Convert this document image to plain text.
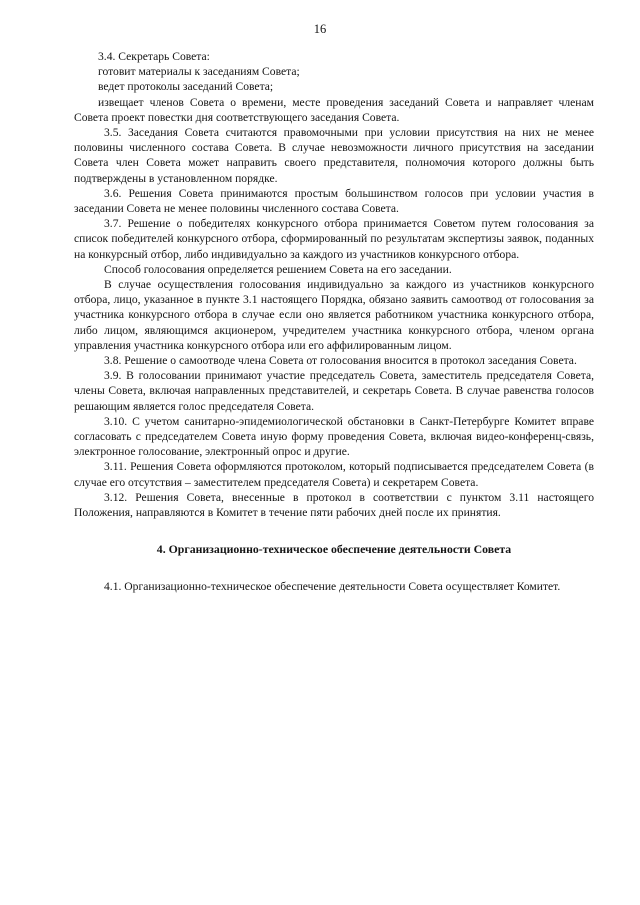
16

3.4. Секретарь Совета:

готовит материалы к заседаниям Совета;

ведет протоколы заседаний Совета;

извещает членов Совета о времени, месте проведения заседаний Совета и направляет членам Совета проект повестки дня соответствующего заседания Совета.

3.5. Заседания Совета считаются правомочными при условии присутствия на них не менее половины численного состава Совета. В случае невозможности личного присутствия на заседании Совета член Совета может направить своего представителя, полномочия которого должны быть подтверждены в установленном порядке.

3.6. Решения Совета принимаются простым большинством голосов при условии участия в заседании Совета не менее половины численного состава Совета.

3.7. Решение о победителях конкурсного отбора принимается Советом путем голосования за список победителей конкурсного отбора, сформированный по результатам экспертизы заявок, поданных на конкурсный отбор, либо индивидуально за каждого из участников конкурсного отбора.

Способ голосования определяется решением Совета на его заседании.

В случае осуществления голосования индивидуально за каждого из участников конкурсного отбора, лицо, указанное в пункте 3.1 настоящего Порядка, обязано заявить самоотвод от голосования за участника конкурсного отбора в случае если оно является работником участника конкурсного отбора, либо лицом, являющимся акционером, учредителем участника конкурсного отбора, членом органа управления участника конкурсного отбора или его аффилированным лицом.

3.8. Решение о самоотводе члена Совета от голосования вносится в протокол заседания Совета.

3.9. В голосовании принимают участие председатель Совета, заместитель председателя Совета, члены Совета, включая направленных представителей, и секретарь Совета. В случае равенства голосов решающим является голос председателя Совета.

3.10. С учетом санитарно-эпидемиологической обстановки в Санкт-Петербурге Комитет вправе согласовать с председателем Совета иную форму проведения Совета, включая видео-конференц-связь, электронное голосование, электронный опрос и другие.

3.11. Решения Совета оформляются протоколом, который подписывается председателем Совета (в случае его отсутствия – заместителем председателя Совета) и секретарем Совета.

3.12. Решения Совета, внесенные в протокол в соответствии с пунктом 3.11 настоящего Положения, направляются в Комитет в течение пяти рабочих дней после их принятия.

4. Организационно-техническое обеспечение деятельности Совета

4.1. Организационно-техническое обеспечение деятельности Совета осуществляет Комитет.
